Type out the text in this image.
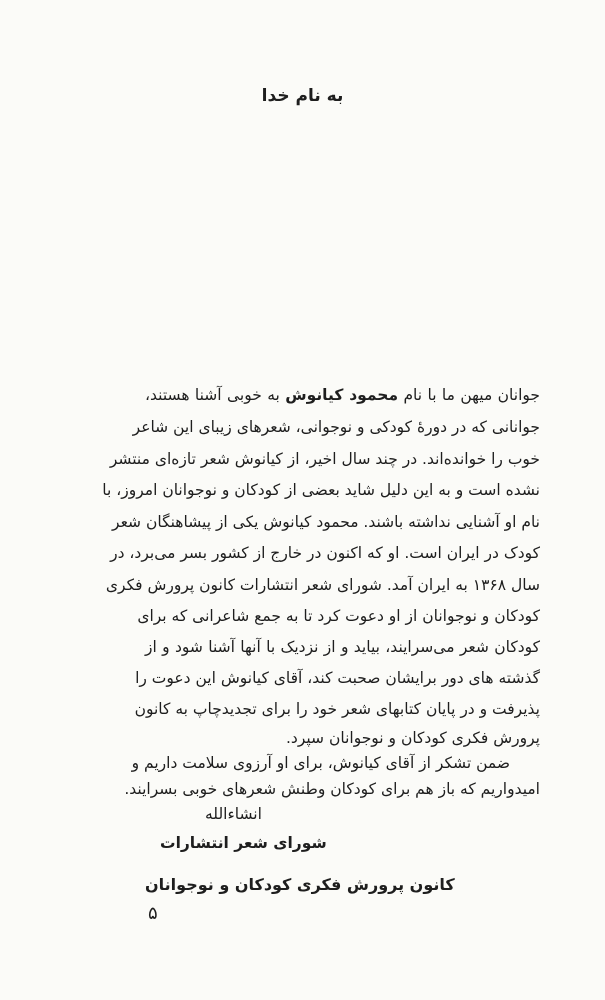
به نام خدا
جوانان میهن ما با نام محمود کیانوش به خوبی آشنا هستند،
جوانانی که در دورهٔ کودکی و نوجوانی، شعرهای زیبای این شاعر
خوب را خوانده‌اند. در چند سال اخیر، از کیانوش شعر تازه‌ای منتشر
نشده است و به این دلیل شاید بعضی از کودکان و نوجوانان امروز، با
نام او آشنایی نداشته باشند. محمود کیانوش یکی از پیشاهنگان شعر
کودک در ایران است. او که اکنون در خارج از کشور بسر می‌برد، در
سال ۱۳۶۸ به ایران آمد. شورای شعر انتشارات کانون پرورش فکری
کودکان و نوجوانان از او دعوت کرد تا به جمع شاعرانی که برای
کودکان شعر می‌سرایند، بیاید و از نزدیک با آنها آشنا شود و از
گذشته های دور برایشان صحبت کند، آقای کیانوش این دعوت را
پذیرفت و در پایان کتابهای شعر خود را برای تجدیدچاپ به کانون
پرورش فکری کودکان و نوجوانان سپرد.
ضمن تشکر از آقای کیانوش، برای او آرزوی سلامت داریم و
امیدواریم که باز هم برای کودکان وطنش شعرهای خوبی بسرایند.
انشاءالله
شورای شعر انتشارات
کانون پرورش فکری کودکان و نوجوانان
۵
